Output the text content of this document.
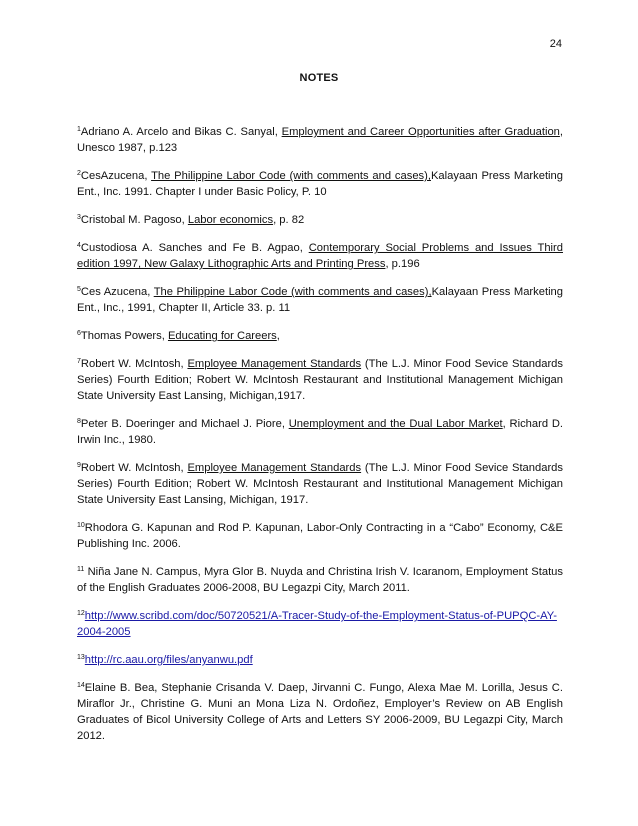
24
NOTES

$^1$Adriano A. Arcelo and Bikas C. Sanyal, Employment and Career Opportunities after Graduation, Unesco 1987, p.123

$^2$CesAzucena, The Philippine Labor Code (with comments and cases),Kalayaan Press Marketing Ent., Inc. 1991. Chapter I under Basic Policy, P. 10

$^3$Cristobal M. Pagoso, Labor economics, p. 82

$^4$Custodiosa A. Sanches and Fe B. Agpao, Contemporary Social Problems and Issues Third edition 1997, New Galaxy Lithographic Arts and Printing Press, p.196

$^5$Ces Azucena, The Philippine Labor Code (with comments and cases),Kalayaan Press Marketing Ent., Inc., 1991, Chapter II, Article 33. p. 11

$^6$Thomas Powers, Educating for Careers,

$^7$Robert W. McIntosh, Employee Management Standards (The L.J. Minor Food Sevice Standards Series) Fourth Edition; Robert W. McIntosh Restaurant and Institutional Management Michigan State University East Lansing, Michigan,1917.

$^8$Peter B. Doeringer and Michael J. Piore, Unemployment and the Dual Labor Market, Richard D. Irwin Inc., 1980.

$^9$Robert W. McIntosh, Employee Management Standards (The L.J. Minor Food Sevice Standards Series) Fourth Edition; Robert W. McIntosh Restaurant and Institutional Management Michigan State University East Lansing, Michigan, 1917.

$^{10}$Rhodora G. Kapunan and Rod P. Kapunan, Labor-Only Contracting in a “Cabo” Economy, C&E Publishing Inc. 2006.

$^{11}$ Niña Jane N. Campus, Myra Glor B. Nuyda and Christina Irish V. Icaranom, Employment Status of the English Graduates 2006-2008, BU Legazpi City, March 2011.

$^{12}$http://www.scribd.com/doc/50720521/A-Tracer-Study-of-the-Employment-Status-of-PUPQC-AY-2004-2005

$^{13}$http://rc.aau.org/files/anyanwu.pdf

$^{14}$Elaine B. Bea, Stephanie Crisanda V. Daep, Jirvanni C. Fungo, Alexa Mae M. Lorilla, Jesus C. Miraflor Jr., Christine G. Muni an Mona Liza N. Ordoñez, Employer’s Review on AB English Graduates of Bicol University College of Arts and Letters SY 2006-2009, BU Legazpi City, March 2012.
